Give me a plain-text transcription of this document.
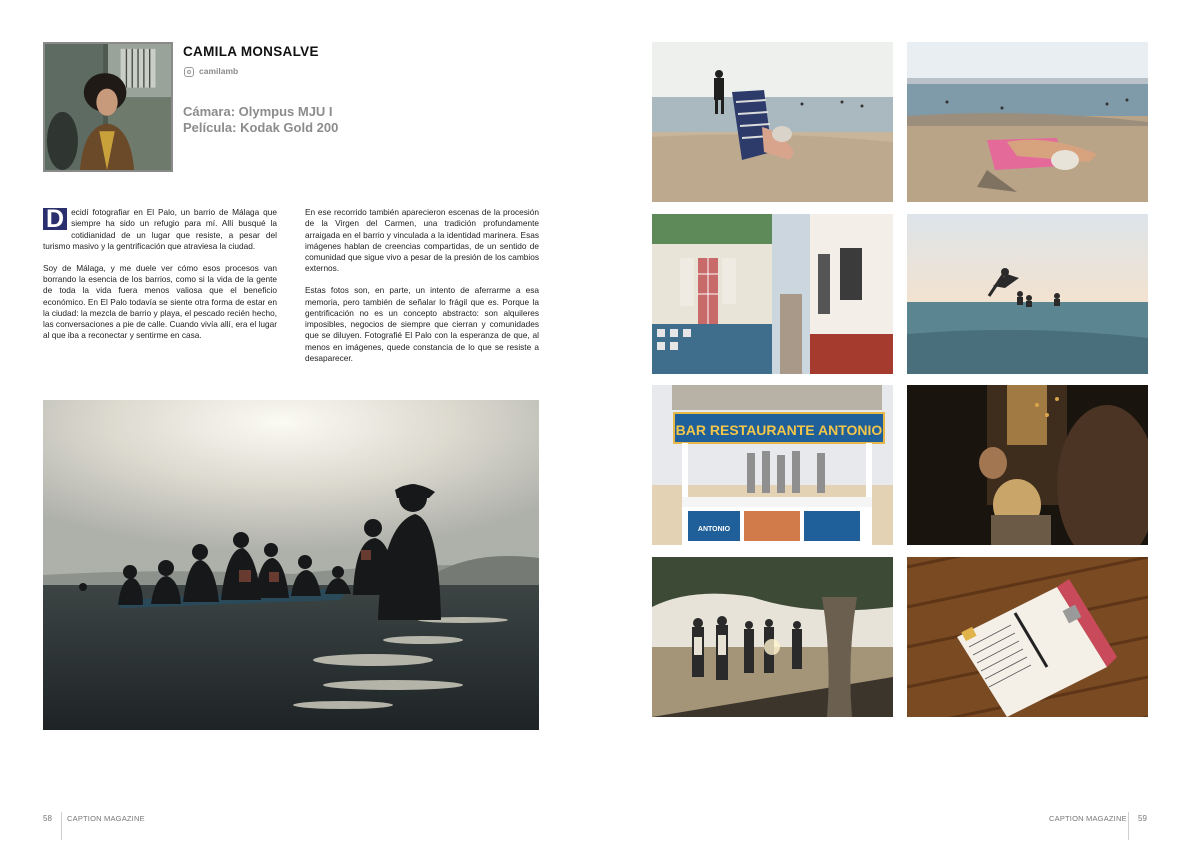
CAMILA MONSALVE
camilamb
Cámara: Olympus MJU I
Película: Kodak Gold 200

D ecidí fotografiar en El Palo, un barrio de Málaga que siempre ha sido un refugio para mí. Allí busqué la cotidianidad de un lugar que resiste, a pesar del turismo masivo y la gentrificación que atraviesa la ciudad.

Soy de Málaga, y me duele ver cómo esos procesos van borrando la esencia de los barrios, como si la vida de la gente de toda la vida fuera menos valiosa que el beneficio económico. En El Palo todavía se siente otra forma de estar en la ciudad: la mezcla de barrio y playa, el pescado recién hecho, las conversaciones a pie de calle. Cuando vivía allí, era el lugar al que iba a reconectar y sentirme en casa.

En ese recorrido también aparecieron escenas de la procesión de la Virgen del Carmen, una tradición profundamente arraigada en el barrio y vinculada a la identidad marinera. Esas imágenes hablan de creencias compartidas, de un sentido de comunidad que sigue vivo a pesar de la presión de los cambios externos.

Estas fotos son, en parte, un intento de aferrarme a esa memoria, pero también de señalar lo frágil que es. Porque la gentrificación no es un concepto abstracto: son alquileres imposibles, negocios de siempre que cierran y comunidades que se diluyen. Fotografié El Palo con la esperanza de que, al menos en imágenes, quede constancia de lo que se resiste a desaparecer.

58 CAPTION MAGAZINE
BAR RESTAURANTE ANTONIO
ANTONIO
CAPTION MAGAZINE 59
